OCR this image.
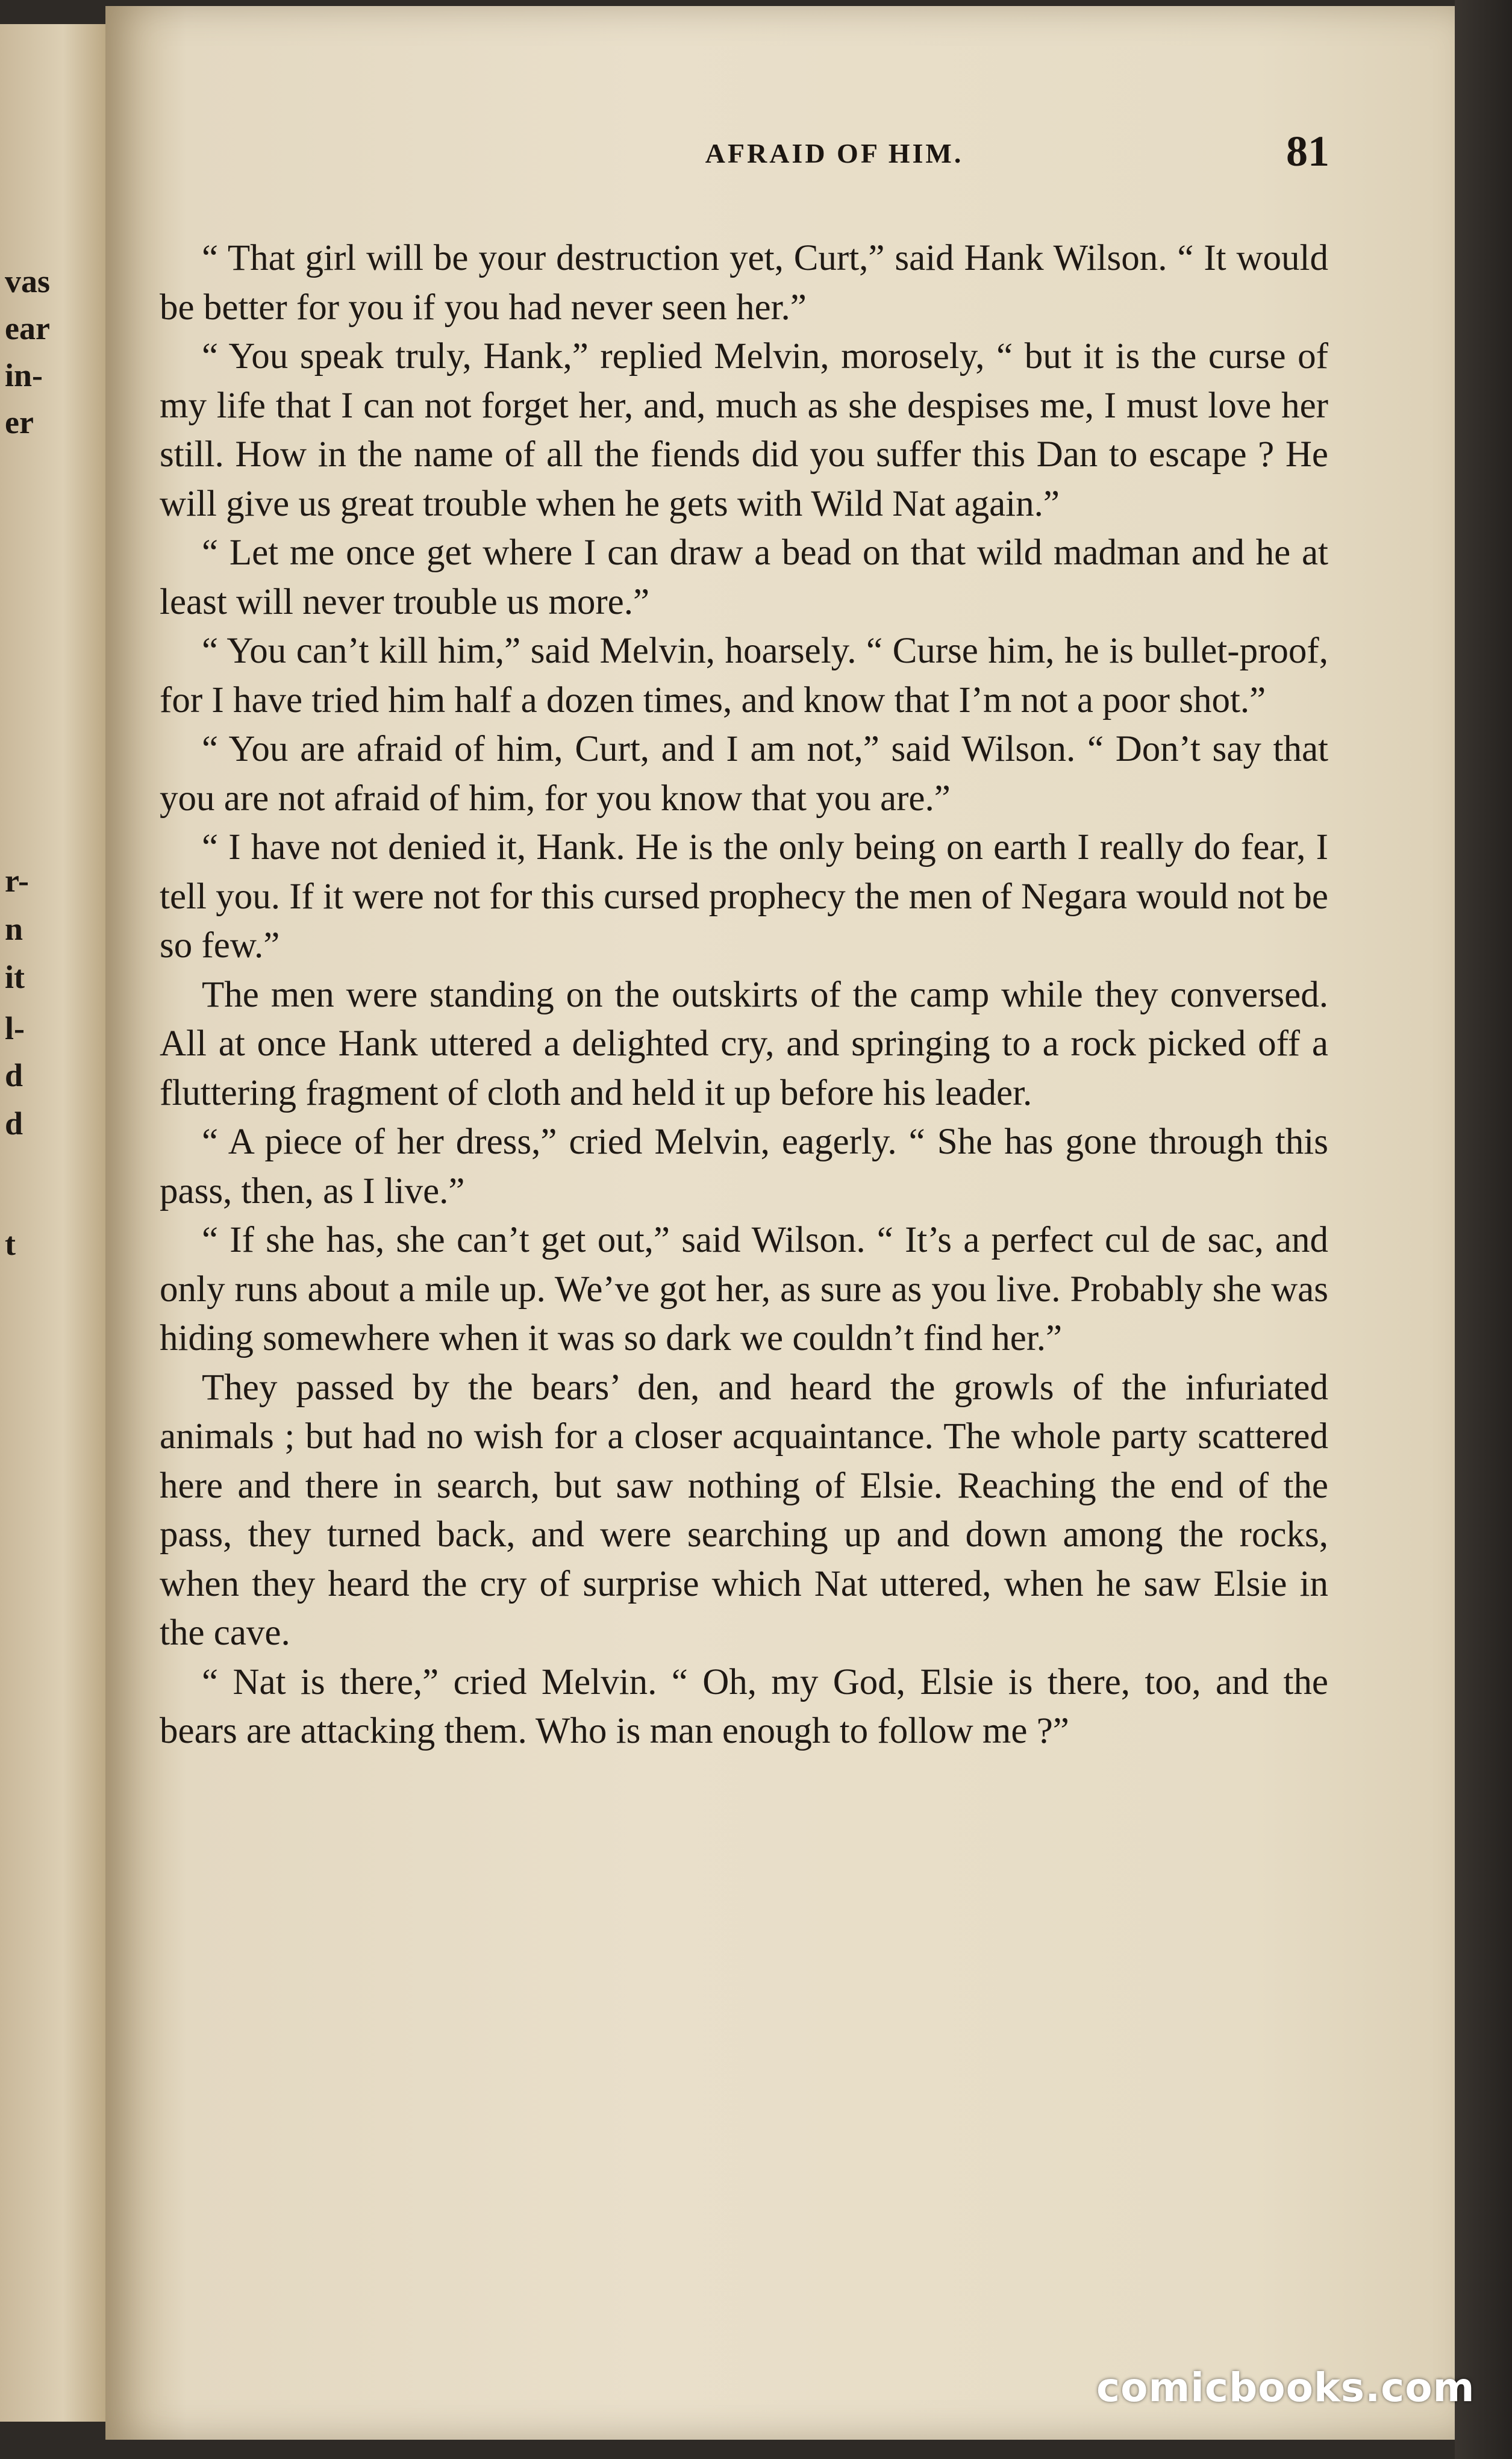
vas
ear
in-
er
r-
n
it
l-
d
d
t
AFRAID OF HIM.	81

“ That girl will be your destruction yet, Curt,” said Hank Wilson. “ It would be better for you if you had never seen her.”

“ You speak truly, Hank,” replied Melvin, morosely, “ but it is the curse of my life that I can not forget her, and, much as she despises me, I must love her still. How in the name of all the fiends did you suffer this Dan to escape ? He will give us great trouble when he gets with Wild Nat again.”

“ Let me once get where I can draw a bead on that wild madman and he at least will never trouble us more.”

“ You can’t kill him,” said Melvin, hoarsely. “ Curse him, he is bullet-proof, for I have tried him half a dozen times, and know that I’m not a poor shot.”

“ You are afraid of him, Curt, and I am not,” said Wilson. “ Don’t say that you are not afraid of him, for you know that you are.”

“ I have not denied it, Hank. He is the only being on earth I really do fear, I tell you. If it were not for this cursed prophecy the men of Negara would not be so few.”

The men were standing on the outskirts of the camp while they conversed. All at once Hank uttered a delighted cry, and springing to a rock picked off a fluttering fragment of cloth and held it up before his leader.

“ A piece of her dress,” cried Melvin, eagerly. “ She has gone through this pass, then, as I live.”

“ If she has, she can’t get out,” said Wilson. “ It’s a perfect cul de sac, and only runs about a mile up. We’ve got her, as sure as you live. Probably she was hiding somewhere when it was so dark we couldn’t find her.”

They passed by the bears’ den, and heard the growls of the infuriated animals ; but had no wish for a closer acquaintance. The whole party scattered here and there in search, but saw nothing of Elsie. Reaching the end of the pass, they turned back, and were searching up and down among the rocks, when they heard the cry of surprise which Nat uttered, when he saw Elsie in the cave.

“ Nat is there,” cried Melvin. “ Oh, my God, Elsie is there, too, and the bears are attacking them. Who is man enough to follow me ?”

comicbooks.com
